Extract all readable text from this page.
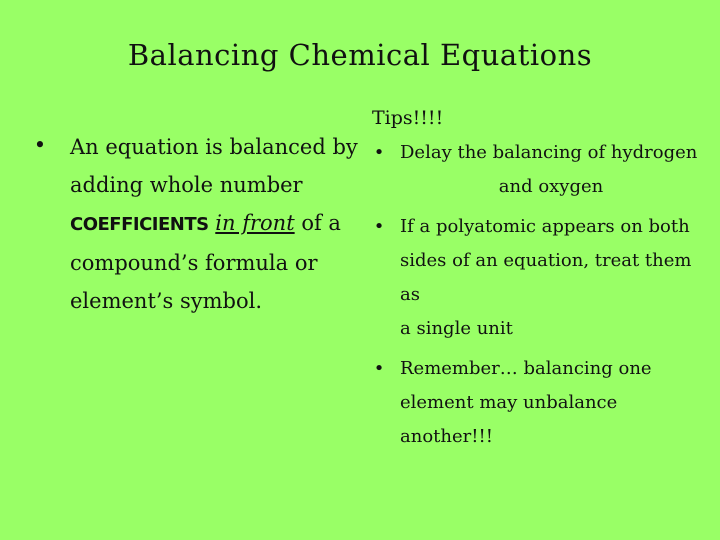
Balancing Chemical Equations
• An equation is balanced by adding whole number COEFFICIENTS in front of a compound’s formula or element’s symbol.
Tips!!!!
• Delay the balancing of hydrogen
and oxygen
• If a polyatomic appears on both
sides of an equation, treat them as
a single unit
• Remember… balancing one
element may unbalance another!!!
